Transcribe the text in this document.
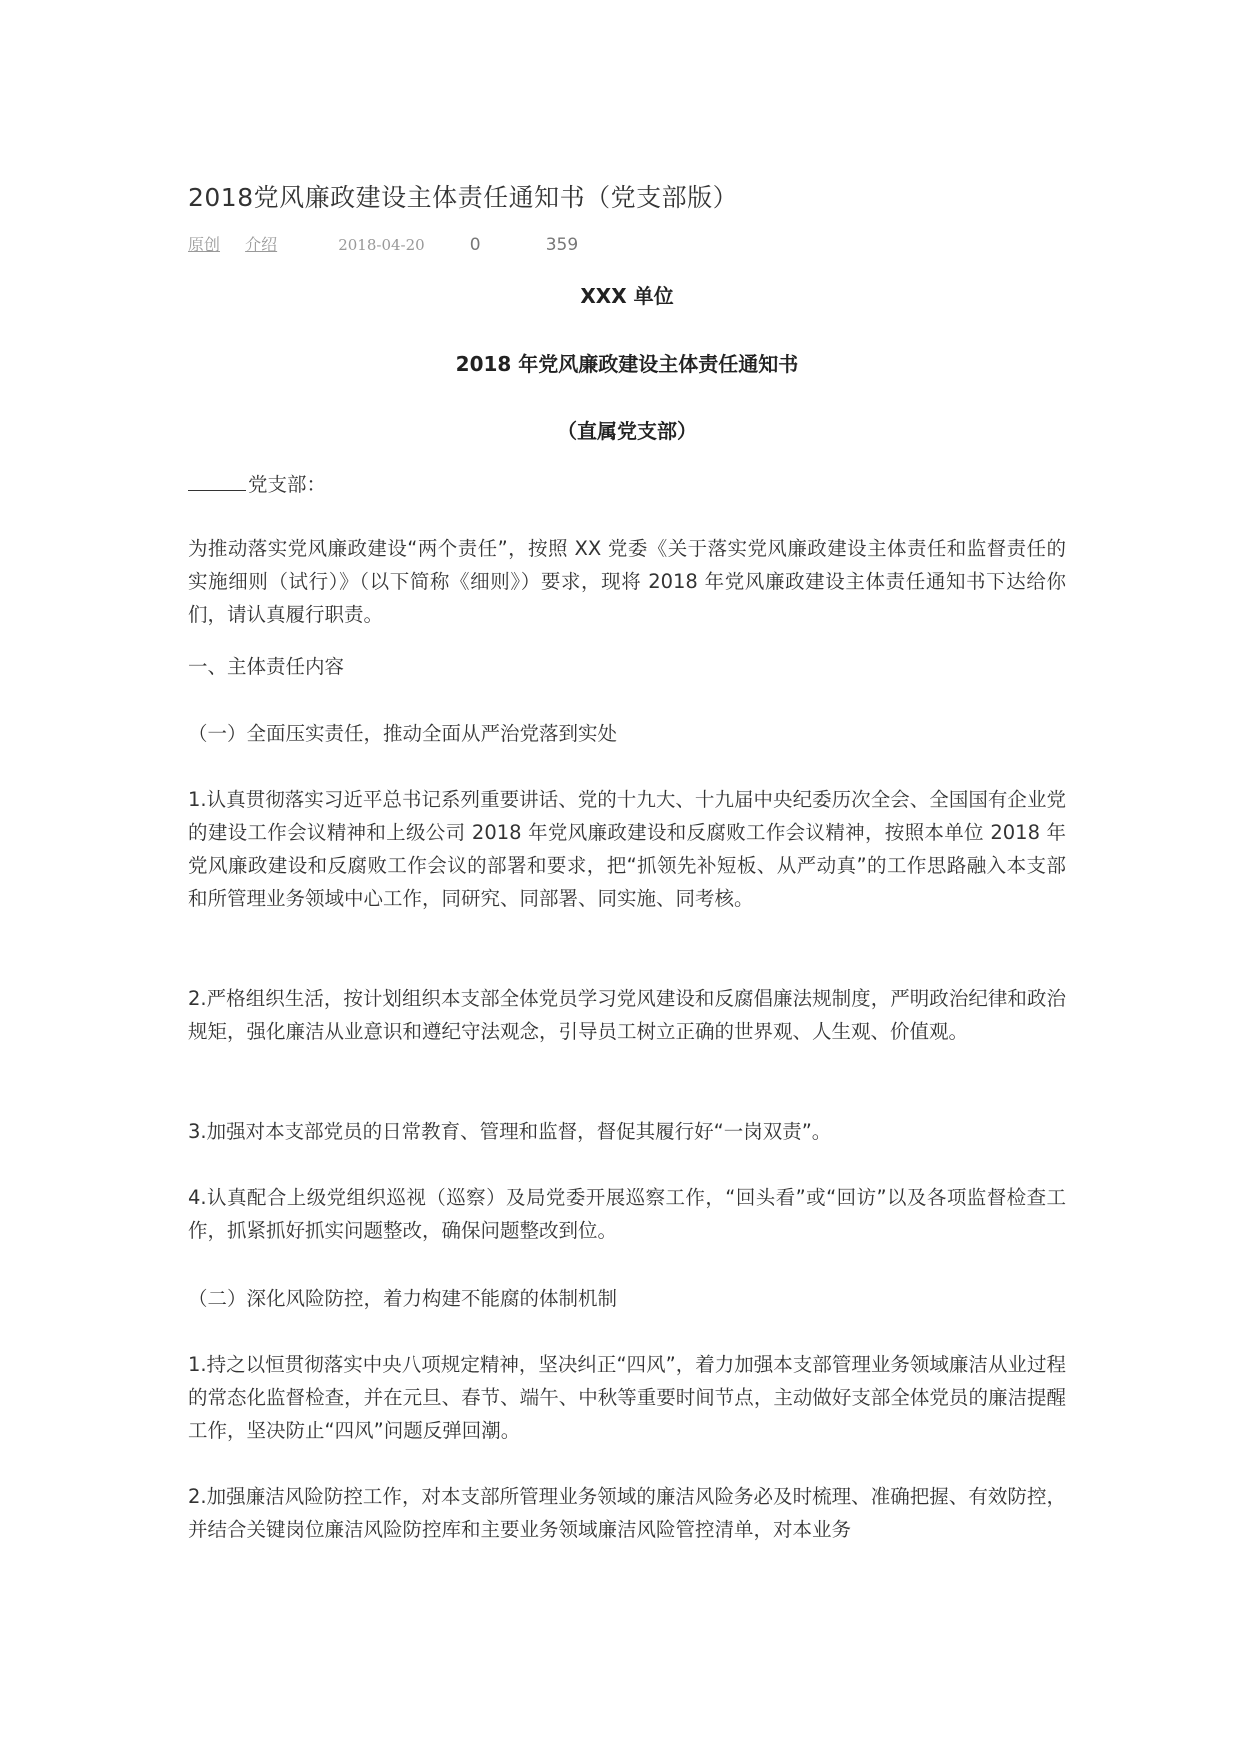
2018党风廉政建设主体责任通知书（党支部版）
原创 介绍	2018-04-20	0	359

XXX 单位

2018 年党风廉政建设主体责任通知书

（直属党支部）

党支部：

为推动落实党风廉政建设“两个责任”，按照 XX 党委《关于落实党风廉政建设主体责任和监督责任的实施细则（试行）》（以下简称《细则》）要求，现将 2018 年党风廉政建设主体责任通知书下达给你们，请认真履行职责。

一、主体责任内容

（一）全面压实责任，推动全面从严治党落到实处

1.认真贯彻落实习近平总书记系列重要讲话、党的十九大、十九届中央纪委历次全会、全国国有企业党的建设工作会议精神和上级公司 2018 年党风廉政建设和反腐败工作会议精神，按照本单位 2018 年党风廉政建设和反腐败工作会议的部署和要求，把“抓领先补短板、从严动真”的工作思路融入本支部和所管理业务领域中心工作，同研究、同部署、同实施、同考核。

2.严格组织生活，按计划组织本支部全体党员学习党风建设和反腐倡廉法规制度，严明政治纪律和政治规矩，强化廉洁从业意识和遵纪守法观念，引导员工树立正确的世界观、人生观、价值观。

3.加强对本支部党员的日常教育、管理和监督，督促其履行好“一岗双责”。

4.认真配合上级党组织巡视（巡察）及局党委开展巡察工作，“回头看”或“回访”以及各项监督检查工作，抓紧抓好抓实问题整改，确保问题整改到位。

（二）深化风险防控，着力构建不能腐的体制机制

1.持之以恒贯彻落实中央八项规定精神，坚决纠正“四风”，着力加强本支部管理业务领域廉洁从业过程的常态化监督检查，并在元旦、春节、端午、中秋等重要时间节点，主动做好支部全体党员的廉洁提醒工作，坚决防止“四风”问题反弹回潮。

2.加强廉洁风险防控工作，对本支部所管理业务领域的廉洁风险务必及时梳理、准确把握、有效防控，并结合关键岗位廉洁风险防控库和主要业务领域廉洁风险管控清单，对本业务
